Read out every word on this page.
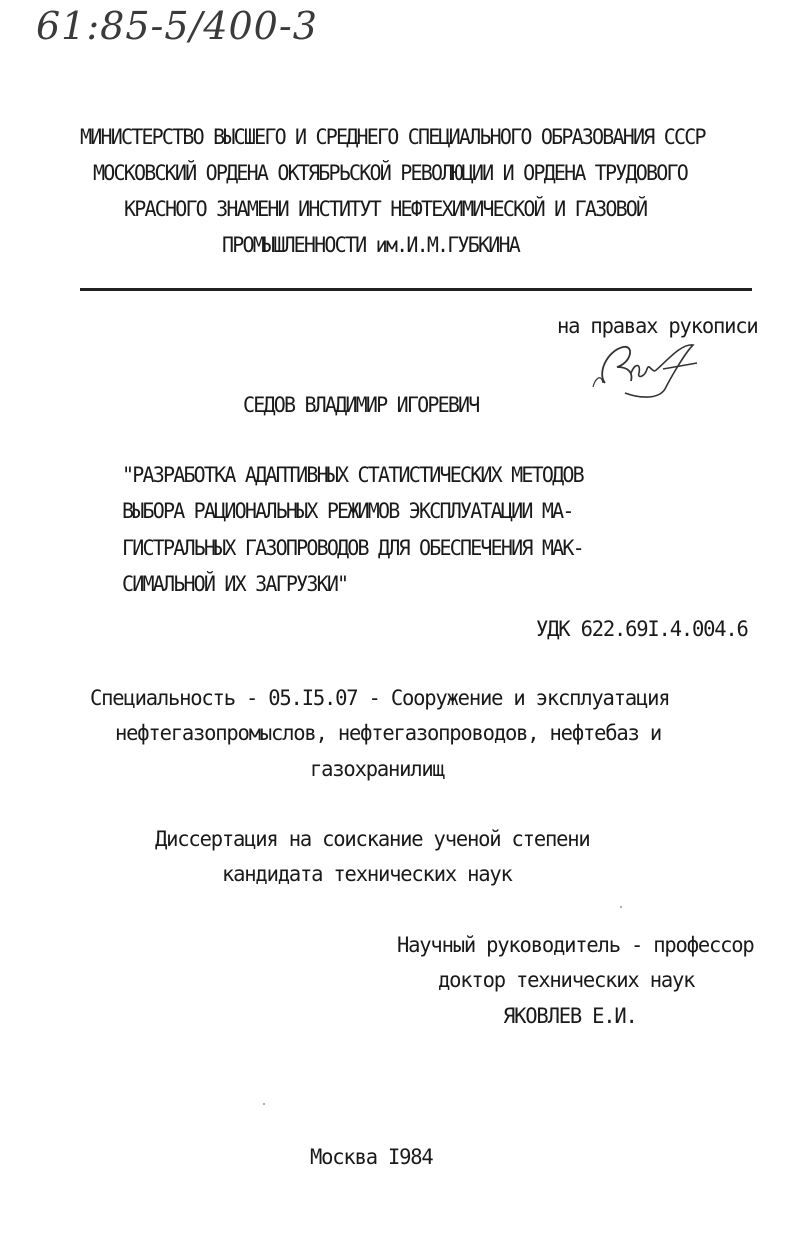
61:85-5/400-3
МИНИСТЕРСТВО ВЫСШЕГО И СРЕДНЕГО СПЕЦИАЛЬНОГО ОБРАЗОВАНИЯ СССР
МОСКОВСКИЙ ОРДЕНА ОКТЯБРЬСКОЙ РЕВОЛЮЦИИ И ОРДЕНА ТРУДОВОГО
КРАСНОГО ЗНАМЕНИ ИНСТИТУТ НЕФТЕХИМИЧЕСКОЙ И ГАЗОВОЙ
ПРОМЫШЛЕННОСТИ им.И.М.ГУБКИНА
на правах рукописи
СЕДОВ ВЛАДИМИР ИГОРЕВИЧ
"РАЗРАБОТКА АДАПТИВНЫХ СТАТИСТИЧЕСКИХ МЕТОДОВ
ВЫБОРА РАЦИОНАЛЬНЫХ РЕЖИМОВ ЭКСПЛУАТАЦИИ МА-
ГИСТРАЛЬНЫХ ГАЗОПРОВОДОВ ДЛЯ ОБЕСПЕЧЕНИЯ МАК-
СИМАЛЬНОЙ ИХ ЗАГРУЗКИ"
УДК 622.69I.4.004.6
Специальность - 05.I5.07 - Сооружение и эксплуатация
нефтегазопромыслов, нефтегазопроводов, нефтебаз и
газохранилищ
Диссертация на соискание ученой степени
кандидата технических наук
Научный руководитель - профессор
доктор технических наук
ЯКОВЛЕВ Е.И.
Москва I984
